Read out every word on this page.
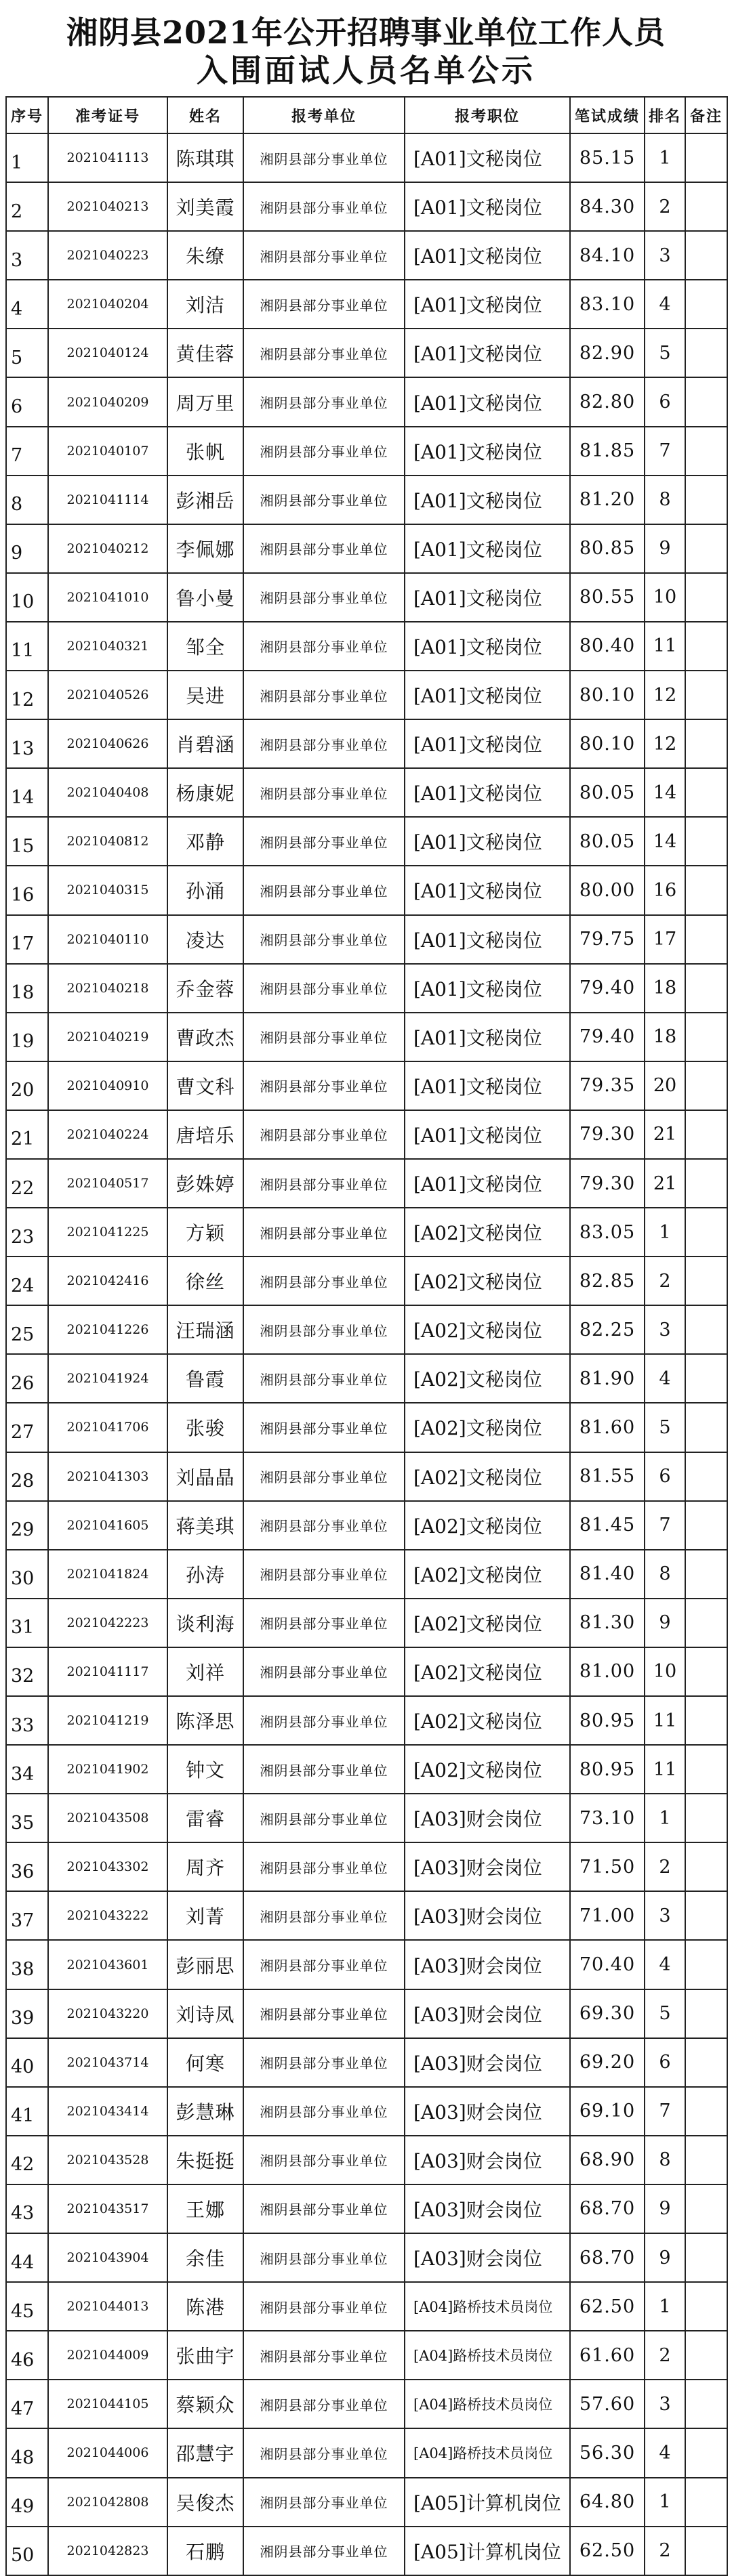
湘阴县2021年公开招聘事业单位工作人员
入围面试人员名单公示
序号	准考证号	姓名	报考单位	报考职位	笔试成绩	排名	备注
1	2021041113	陈琪琪	湘阴县部分事业单位	[A01]文秘岗位	85.15	1	
2	2021040213	刘美霞	湘阴县部分事业单位	[A01]文秘岗位	84.30	2	
3	2021040223	朱缭	湘阴县部分事业单位	[A01]文秘岗位	84.10	3	
4	2021040204	刘洁	湘阴县部分事业单位	[A01]文秘岗位	83.10	4	
5	2021040124	黄佳蓉	湘阴县部分事业单位	[A01]文秘岗位	82.90	5	
6	2021040209	周万里	湘阴县部分事业单位	[A01]文秘岗位	82.80	6	
7	2021040107	张帆	湘阴县部分事业单位	[A01]文秘岗位	81.85	7	
8	2021041114	彭湘岳	湘阴县部分事业单位	[A01]文秘岗位	81.20	8	
9	2021040212	李佩娜	湘阴县部分事业单位	[A01]文秘岗位	80.85	9	
10	2021041010	鲁小曼	湘阴县部分事业单位	[A01]文秘岗位	80.55	10	
11	2021040321	邹全	湘阴县部分事业单位	[A01]文秘岗位	80.40	11	
12	2021040526	吴进	湘阴县部分事业单位	[A01]文秘岗位	80.10	12	
13	2021040626	肖碧涵	湘阴县部分事业单位	[A01]文秘岗位	80.10	12	
14	2021040408	杨康妮	湘阴县部分事业单位	[A01]文秘岗位	80.05	14	
15	2021040812	邓静	湘阴县部分事业单位	[A01]文秘岗位	80.05	14	
16	2021040315	孙涌	湘阴县部分事业单位	[A01]文秘岗位	80.00	16	
17	2021040110	凌达	湘阴县部分事业单位	[A01]文秘岗位	79.75	17	
18	2021040218	乔金蓉	湘阴县部分事业单位	[A01]文秘岗位	79.40	18	
19	2021040219	曹政杰	湘阴县部分事业单位	[A01]文秘岗位	79.40	18	
20	2021040910	曹文科	湘阴县部分事业单位	[A01]文秘岗位	79.35	20	
21	2021040224	唐培乐	湘阴县部分事业单位	[A01]文秘岗位	79.30	21	
22	2021040517	彭姝婷	湘阴县部分事业单位	[A01]文秘岗位	79.30	21	
23	2021041225	方颖	湘阴县部分事业单位	[A02]文秘岗位	83.05	1	
24	2021042416	徐丝	湘阴县部分事业单位	[A02]文秘岗位	82.85	2	
25	2021041226	汪瑞涵	湘阴县部分事业单位	[A02]文秘岗位	82.25	3	
26	2021041924	鲁霞	湘阴县部分事业单位	[A02]文秘岗位	81.90	4	
27	2021041706	张骏	湘阴县部分事业单位	[A02]文秘岗位	81.60	5	
28	2021041303	刘晶晶	湘阴县部分事业单位	[A02]文秘岗位	81.55	6	
29	2021041605	蒋美琪	湘阴县部分事业单位	[A02]文秘岗位	81.45	7	
30	2021041824	孙涛	湘阴县部分事业单位	[A02]文秘岗位	81.40	8	
31	2021042223	谈利海	湘阴县部分事业单位	[A02]文秘岗位	81.30	9	
32	2021041117	刘祥	湘阴县部分事业单位	[A02]文秘岗位	81.00	10	
33	2021041219	陈泽思	湘阴县部分事业单位	[A02]文秘岗位	80.95	11	
34	2021041902	钟文	湘阴县部分事业单位	[A02]文秘岗位	80.95	11	
35	2021043508	雷睿	湘阴县部分事业单位	[A03]财会岗位	73.10	1	
36	2021043302	周齐	湘阴县部分事业单位	[A03]财会岗位	71.50	2	
37	2021043222	刘菁	湘阴县部分事业单位	[A03]财会岗位	71.00	3	
38	2021043601	彭丽思	湘阴县部分事业单位	[A03]财会岗位	70.40	4	
39	2021043220	刘诗凤	湘阴县部分事业单位	[A03]财会岗位	69.30	5	
40	2021043714	何寒	湘阴县部分事业单位	[A03]财会岗位	69.20	6	
41	2021043414	彭慧琳	湘阴县部分事业单位	[A03]财会岗位	69.10	7	
42	2021043528	朱挺挺	湘阴县部分事业单位	[A03]财会岗位	68.90	8	
43	2021043517	王娜	湘阴县部分事业单位	[A03]财会岗位	68.70	9	
44	2021043904	余佳	湘阴县部分事业单位	[A03]财会岗位	68.70	9	
45	2021044013	陈港	湘阴县部分事业单位	[A04]路桥技术员岗位	62.50	1	
46	2021044009	张曲宇	湘阴县部分事业单位	[A04]路桥技术员岗位	61.60	2	
47	2021044105	蔡颖众	湘阴县部分事业单位	[A04]路桥技术员岗位	57.60	3	
48	2021044006	邵慧宇	湘阴县部分事业单位	[A04]路桥技术员岗位	56.30	4	
49	2021042808	吴俊杰	湘阴县部分事业单位	[A05]计算机岗位	64.80	1	
50	2021042823	石鹏	湘阴县部分事业单位	[A05]计算机岗位	62.50	2	
